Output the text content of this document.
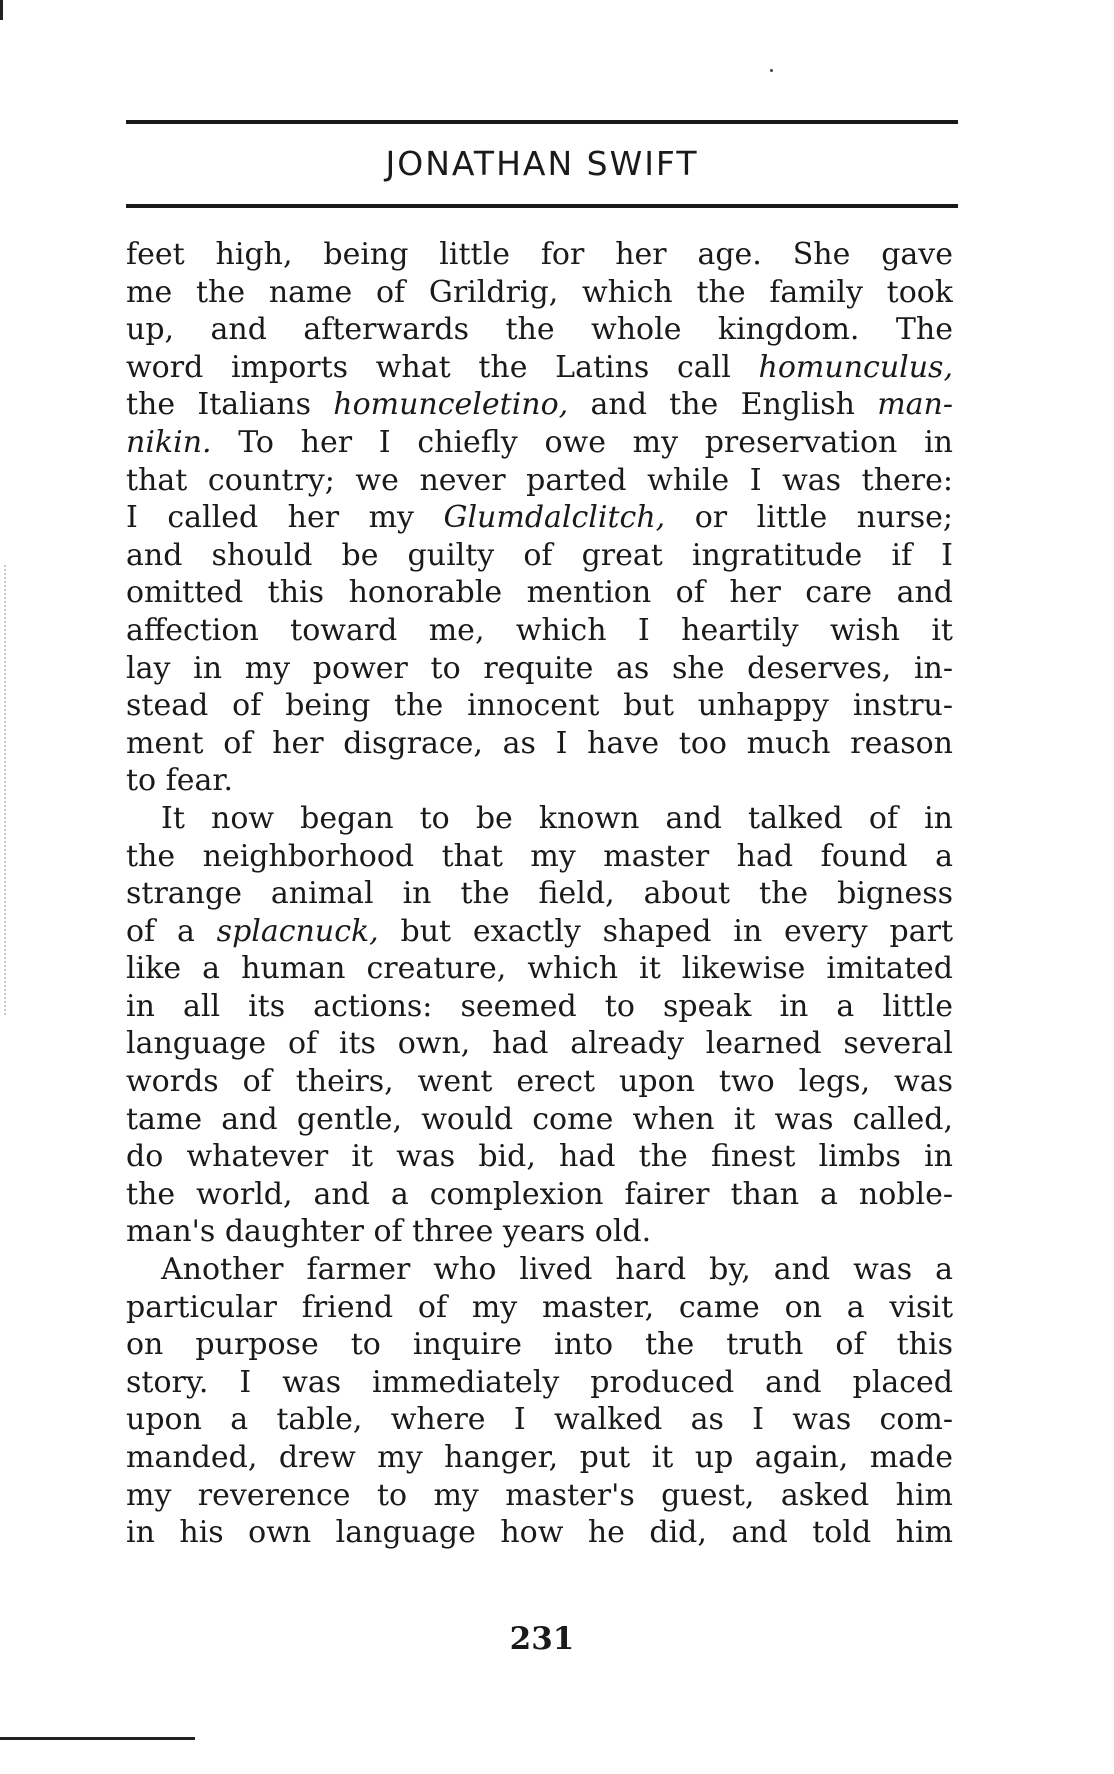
JONATHAN SWIFT
feet high, being little for her age. She gave
me the name of Grildrig, which the family took
up, and afterwards the whole kingdom. The
word imports what the Latins call homunculus,
the Italians homunceletino, and the English man-
nikin. To her I chiefly owe my preservation in
that country; we never parted while I was there:
I called her my Glumdalclitch, or little nurse;
and should be guilty of great ingratitude if I
omitted this honorable mention of her care and
affection toward me, which I heartily wish it
lay in my power to requite as she deserves, in-
stead of being the innocent but unhappy instru-
ment of her disgrace, as I have too much reason
to fear.
It now began to be known and talked of in
the neighborhood that my master had found a
strange animal in the field, about the bigness
of a splacnuck, but exactly shaped in every part
like a human creature, which it likewise imitated
in all its actions: seemed to speak in a little
language of its own, had already learned several
words of theirs, went erect upon two legs, was
tame and gentle, would come when it was called,
do whatever it was bid, had the finest limbs in
the world, and a complexion fairer than a noble-
man's daughter of three years old.
Another farmer who lived hard by, and was a
particular friend of my master, came on a visit
on purpose to inquire into the truth of this
story. I was immediately produced and placed
upon a table, where I walked as I was com-
manded, drew my hanger, put it up again, made
my reverence to my master's guest, asked him
in his own language how he did, and told him
231
